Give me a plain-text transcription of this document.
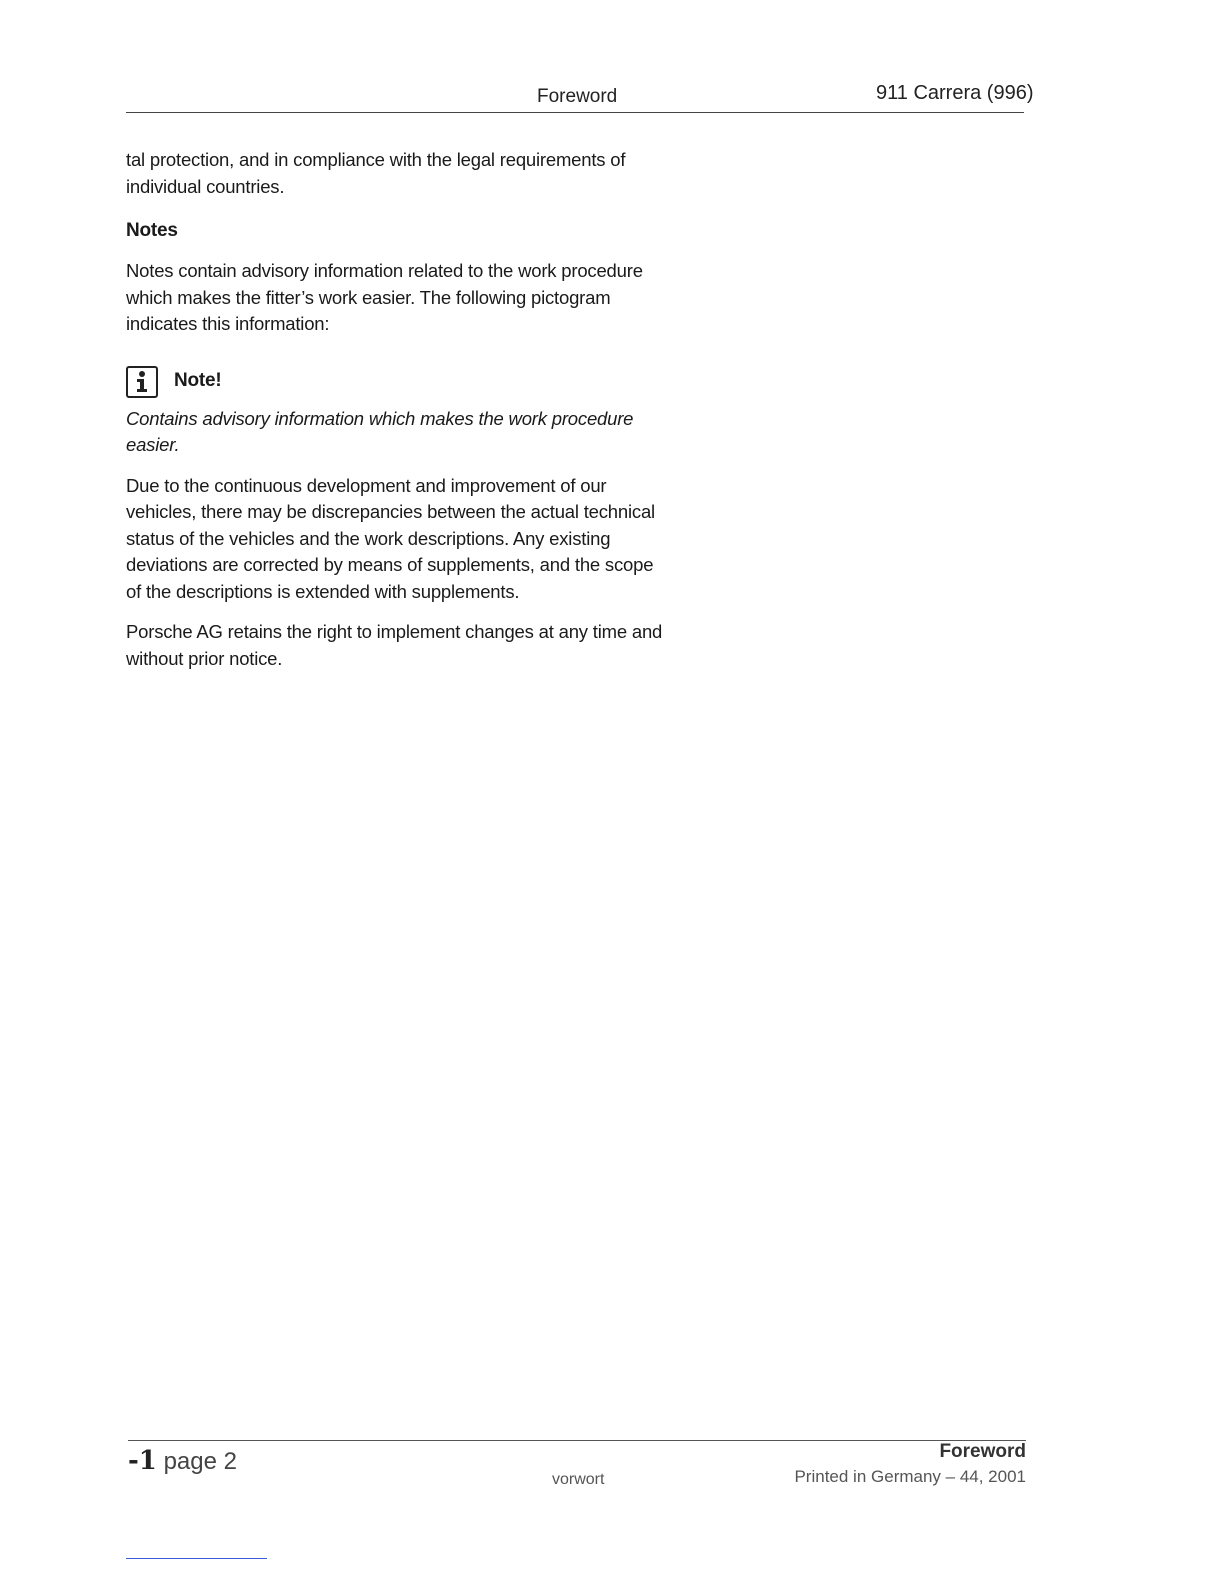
Foreword	911 Carrera (996)

tal protection, and in compliance with the legal requirements of individual countries.

Notes

Notes contain advisory information related to the work procedure which makes the fitter’s work easier. The following pictogram indicates this information:

Note!

Contains advisory information which makes the work procedure easier.

Due to the continuous development and improvement of our vehicles, there may be discrepancies between the actual technical status of the vehicles and the work descriptions. Any existing deviations are corrected by means of supplements, and the scope of the descriptions is extended with supplements.

Porsche AG retains the right to implement changes at any time and without prior notice.

-1 page 2
vorwort
Foreword
Printed in Germany – 44, 2001
